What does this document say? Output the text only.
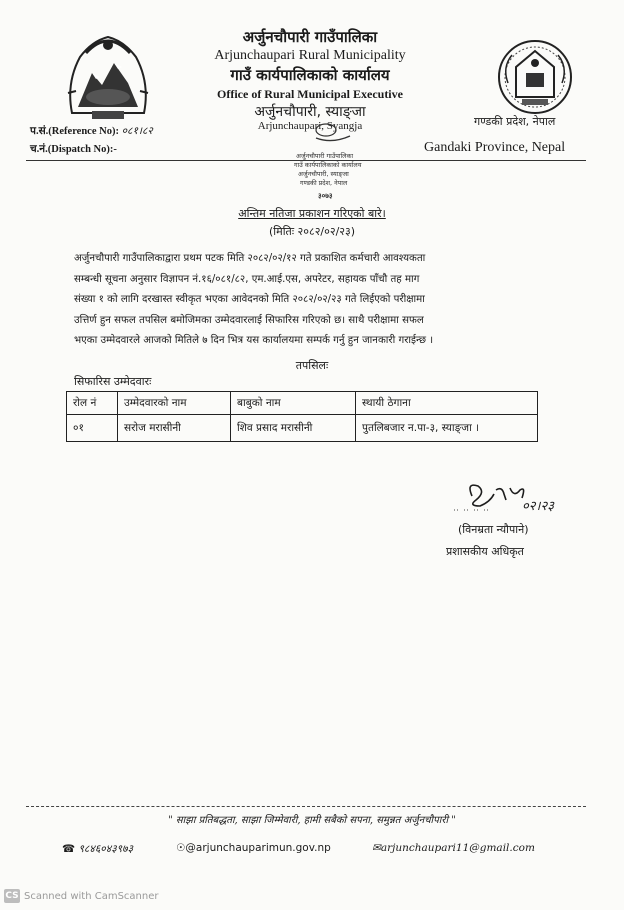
अर्जुनचौपारी गाउँपालिका
Arjunchaupari Rural Municipality
गाउँ कार्यपालिकाको कार्यालय
Office of Rural Municipal Executive
अर्जुनचौपारी, स्याङ्जा
Arjunchaupari, Syangja
प.सं.(Reference No): ०८१।८२
च.नं.(Dispatch No):-
गण्डकी प्रदेश, नेपाल
Gandaki Province, Nepal
अर्जुनचौपारी गाउँपालिका
गाउँ कार्यपालिकाको कार्यालय
अर्जुनचौपारी, स्याङ्जा
गण्डकी प्रदेश, नेपाल
३०७३
अन्तिम नतिजा प्रकाशन गरिएको बारे।
(मितिः २०८२/०२/२३)
अर्जुनचौपारी गाउँपालिकाद्वारा प्रथम पटक मिति २०८२/०२/१२ गते प्रकाशित कर्मचारी आवश्यकता
सम्बन्धी सूचना अनुसार विज्ञापन नं.१६/०८१/८२, एम.आई.एस, अपरेटर, सहायक पाँचौ तह माग
संख्या १ को लागि दरखास्त स्वीकृत भएका आवेदनको मिति २०८२/०२/२३ गते लिईएको परीक्षामा
उत्तिर्ण हुन सफल तपसिल बमोजिमका उम्मेदवारलाई सिफारिस गरिएको छ। साथै परीक्षामा सफल
भएका उम्मेदवारले आजको मितिले ७ दिन भित्र यस कार्यालयमा सम्पर्क गर्नु हुन जानकारी गराईन्छ ।
तपसिलः
सिफारिस उम्मेदवारः
रोल नं	उम्मेदवारको नाम	बाबुको नाम	स्थायी ठेगाना
०१	सरोज मरासीनी	शिव प्रसाद मरासीनी	पुतलिबजार न.पा-३, स्याङ्जा ।
०२।२३
(विनम्रता न्यौपाने)
प्रशासकीय अधिकृत
" साझा प्रतिबद्धता, साझा जिम्मेवारी, हामी सबैको सपना, समुन्नत अर्जुनचौपारी "
☎ ९८४६०४३९७३	☉@arjunchauparimun.gov.np	✉arjunchaupari11@gmail.com
CS Scanned with CamScanner
